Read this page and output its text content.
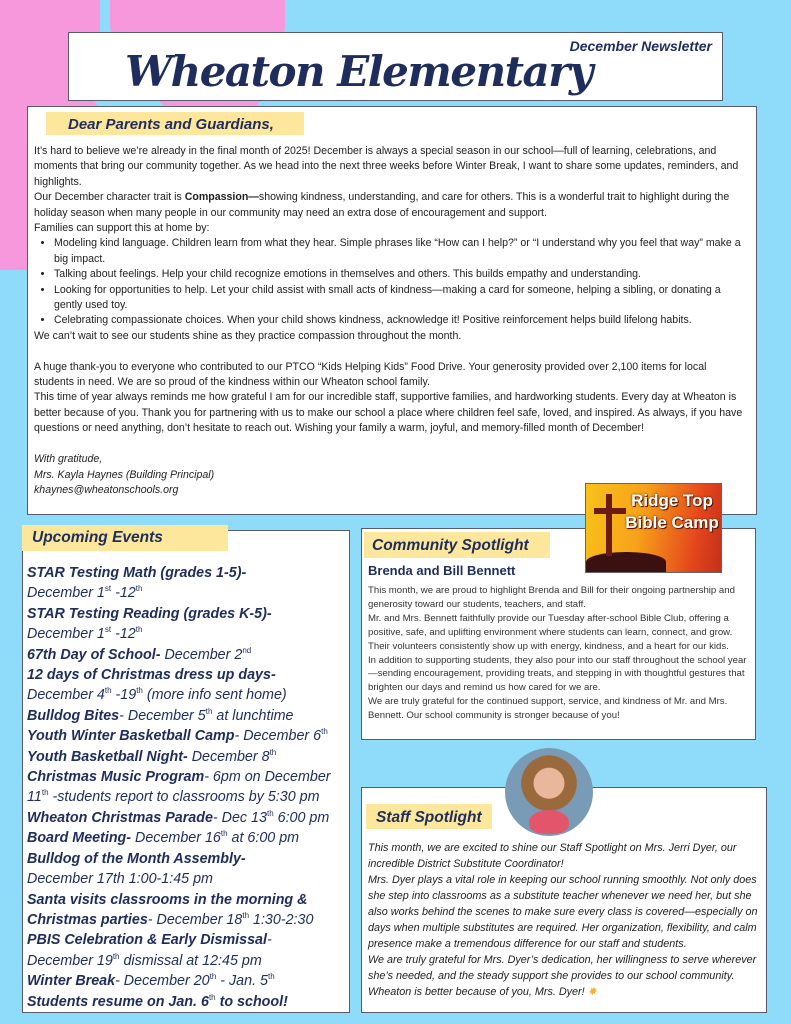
December Newsletter
Wheaton Elementary
Dear Parents and Guardians,

It’s hard to believe we’re already in the final month of 2025! December is always a special season in our school—full of learning, celebrations, and moments that bring our community together. As we head into the next three weeks before Winter Break, I want to share some updates, reminders, and highlights.

Our December character trait is Compassion—showing kindness, understanding, and care for others. This is a wonderful trait to highlight during the holiday season when many people in our community may need an extra dose of encouragement and support.

Families can support this at home by:

• Modeling kind language. Children learn from what they hear. Simple phrases like “How can I help?” or “I understand why you feel that way” make a big impact.
• Talking about feelings. Help your child recognize emotions in themselves and others. This builds empathy and understanding.
• Looking for opportunities to help. Let your child assist with small acts of kindness—making a card for someone, helping a sibling, or donating a gently used toy.
• Celebrating compassionate choices. When your child shows kindness, acknowledge it! Positive reinforcement helps build lifelong habits.

We can’t wait to see our students shine as they practice compassion throughout the month.

A huge thank-you to everyone who contributed to our PTCO “Kids Helping Kids” Food Drive. Your generosity provided over 2,100 items for local students in need. We are so proud of the kindness within our Wheaton school family.

This time of year always reminds me how grateful I am for our incredible staff, supportive families, and hardworking students. Every day at Wheaton is better because of you. Thank you for partnering with us to make our school a place where children feel safe, loved, and inspired. As always, if you have questions or need anything, don’t hesitate to reach out. Wishing your family a warm, joyful, and memory-filled month of December!

With gratitude,

Mrs. Kayla Haynes (Building Principal)

khaynes@wheatonschools.org

Upcoming Events
STAR Testing Math (grades 1-5)-
December 1st -12th
STAR Testing Reading (grades K-5)-
December 1st -12th
67th Day of School- December 2nd
12 days of Christmas dress up days-
December 4th -19th (more info sent home)
Bulldog Bites- December 5th at lunchtime
Youth Winter Basketball Camp- December 6th
Youth Basketball Night- December 8th
Christmas Music Program- 6pm on December 11th -students report to classrooms by 5:30 pm
Wheaton Christmas Parade- Dec 13th 6:00 pm
Board Meeting- December 16th at 6:00 pm
Bulldog of the Month Assembly-
December 17th 1:00-1:45 pm
Santa visits classrooms in the morning & Christmas parties- December 18th 1:30-2:30
PBIS Celebration & Early Dismissal-
December 19th dismissal at 12:45 pm
Winter Break- December 20th - Jan. 5th
Students resume on Jan. 6th to school!
Community Spotlight
Brenda and Bill Bennett

This month, we are proud to highlight Brenda and Bill for their ongoing partnership and generosity toward our students, teachers, and staff.

Mr. and Mrs. Bennett faithfully provide our Tuesday after-school Bible Club, offering a positive, safe, and uplifting environment where students can learn, connect, and grow. Their volunteers consistently show up with energy, kindness, and a heart for our kids.

In addition to supporting students, they also pour into our staff throughout the school year—sending encouragement, providing treats, and stepping in with thoughtful gestures that brighten our days and remind us how cared for we are.

We are truly grateful for the continued support, service, and kindness of Mr. and Mrs. Bennett. Our school community is stronger because of you!

Ridge Top Bible Camp
Staff Spotlight

This month, we are excited to shine our Staff Spotlight on Mrs. Jerri Dyer, our incredible District Substitute Coordinator!

Mrs. Dyer plays a vital role in keeping our school running smoothly. Not only does she step into classrooms as a substitute teacher whenever we need her, but she also works behind the scenes to make sure every class is covered—especially on days when multiple substitutes are required. Her organization, flexibility, and calm presence make a tremendous difference for our staff and students.

We are truly grateful for Mrs. Dyer’s dedication, her willingness to serve wherever she’s needed, and the steady support she provides to our school community. Wheaton is better because of you, Mrs. Dyer! ✸
